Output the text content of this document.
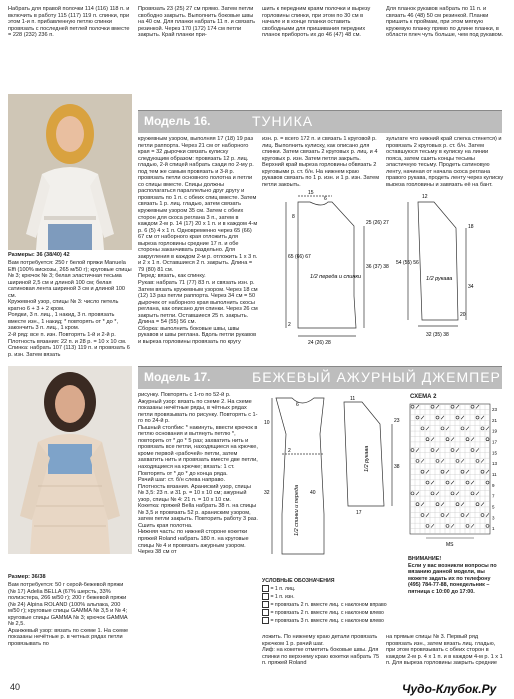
Набрать для правой полочки 114 (116) 118 п. и включить в работу 115 (117) 119 п. спинки, при этом 1-и п. прибавленную петлю спинки провязать с последней петлей полочки вместе = 228 (232) 236 п.
Провязать 23 (25) 27 см прямо. Затем петли свободно закрыть. Выполнить боковые швы на 40 см. Для планки набрать 11 п. и связать резинкой. Через 170 (172) 174 см петли закрыть. Край планки при-
шить к передним краям полочки и вырезу горловины спинки, при этом по 30 см в начале и в конце планки оставить свободными для пришивания передних планок прибороть их до 46 (47) 48 см.
Для планок рукавов набрать по 11 п. и связать 46 (48) 50 см резинкой. Планки пришить к проймам, при этом мягкую кружевую планку прямо по длине планки, в области плеч чуть больше, чем под рукавом.
Модель 16.	ТУНИКА
Размеры: 36 (38/40) 42
Вам потребуется: 250 г белой пряжи Manuela Effi (100% вискозы, 265 м/50 г); круговые спицы № 3; крючок № 3; белая эластичная тесьма шириной 2,5 см и длиной 100 см; белая сатиновая лента шириной 3 см и длиной 100 см.
Кружевной узор, спицы № 3: число петель кратно 6 + 3 + 2 кром.
Роядки, 3 п. лиц., 1 накид, 3 п. провязать вместе изн., 1 накид; * повторять от * до *, закончить 3 п. лиц., 1 кром.
2-й ряд: все п. изн. Повторять 1-й и 2-й р.
Плотность вязания: 22 п. и 28 р. = 10 х 10 см.
Спинка: набрать 107 (113) 119 п. и провязать 6 р. изн. Затем вязать
кружевным узором, выполняя 17 (18) 19 раз петли раппорта. Через 21 см от наборного края = 32 дырочки связать кулиску следующим образом: провязать 12 р. лиц. гладью, 2-й спицей набрать сзади по 2-му р. под тем же самым провязать и 3-й р. провязать петли основного полотна и петли со спицы вместе. Спицы должны располагаться параллельно друг другу и провязать по 1 п. с обеих спиц вместе. Затем связать 1 р. лиц. гладью, затем связать кружевным узором 35 см. Затем с обеих сторон для скоса реглана 3 п., затем в каждом 2-м р. 14 (17) 20 x 1 п. и в каждом 4-м р. 6 (5) 4 x 1 п. Одновременно через 65 (66) 67 см от наборного края отложить для выреза горловины средние 17 п. и обе стороны заканчивать раздельно. Для закругления в каждом 2-м р. отложить 1 x 3 п. и 2 x 1 п. Оставшиеся 2 п. закрыть. Длина = 79 (80) 81 см.
Перед: вязать, как спинку.
Рукав: набрать 71 (77) 83 п. и связать изн. р. Затем вязать кружевным узором. Через 18 см (12) 13 раз петли раппорта. Через 34 см = 50 дырочек от наборного края выполнить скосы реглана, как описано для спинки. Через 26 см закрыть петли. Оставшиеся 25 п. закрыть. Длина = 54 (55) 56 см.
Сборка: выполнить боковые швы, швы рукавов и швы реглана. Вдоль петли рукавов и выреза горловины провязать по кругу
изн. р. = всего 172 п. и связать 1 круговой р. лиц. Выполнить кулиску, как описано для спинки. Затем связать 2 круговых р. лиц. и 4 круговых р. изн. Затем петли закрыть. Верхний край выреза горловины обвязать 2 круговыми р. ст. б/н. На нижнем краю рукавов связать по 1 р. изн. и 1 р. изн. Затем петли закрыть.
зультате что нижний край слегка стянется) и провязать 2 круговых р. ст. б/н. Затем оставшуюся тесьму в кулиску на линии пояса, затем сшить концы тесьмы эластичную тесьму. Продеть сатиновую ленту, начиная от начала скоса реглана правого рукава, продеть ленту через кулиску выреза горловины и завязать её на бант.
15
6
8
65 (66) 67
36 (37) 38
25 (26) 27
2
24 (26) 28
1/2 переда и спинки	1/2 рукава
54 (55) 56
34
18
12
32 (35) 38
20
Модель 17.	БЕЖЕВЫЙ АЖУРНЫЙ ДЖЕМПЕР
Размер: 36/38
Вам потребуется: 50 г серой-бежевой пряжи (№ 17) Adelia BELLA (67% шерсть, 33% полиэстера, 266 м/50 г); 200 г бежевой пряжи (№ 24) Alpina ROLAND (100% альпака, 200 м/50 г); круговые спицы GAMMA № 3,5 и № 4; круговые спицы GAMMA № 3; крючок GAMMA № 2,5.
Аранжевый узор: вязать по схеме 1. На схеме показаны нечётные р. в четных рядах петли провязывать по
рисунку. Повторять с 1-го по 52-й р.
Ажурный узор: вязать по схеме 2. На схеме показаны нечётные ряды, в чётных рядах петли провязывать по рисунку. Повторять с 1-го по 24-й р.
Пышный столбик: * накинуть, ввести крючок в петлю основания и вытянуть петлю *, повторить от * до * 5 раз; захватить нить и провязать все петли, находящиеся на крючке, кроме первой «рабочей» петли, затем захватить нить и провязать вместе две петли, находящиеся на крючке; вязать: 1 ст. Повторять от * до * до конца ряда.
Рачий шаг: ст. б/н слева направо.
Плотность вязания. Араниский узор, спицы № 3,5: 23 п. и 31 р. = 10 х 10 см; ажурный узор, спицы № 4: 21 п. = 10 х 10 см.
Кокетка: пряжей Bella набрать 38 п. на спицы № 3,5 и провязать 52 р. араниским узором, затем петли закрыть. Повторить работу 3 раз. Сшить края полотна.
Нижняя часть: по нижней стороне кокетки пряжей Roland набрать 180 п. на круговые спицы № 4 и провязать ажурным узором. Через 38 см от
6
32	40
10
2
11
38
17
23
1/2 спинки и переда
1/2 рукава
УСЛОВНЫЕ ОБОЗНАЧЕНИЯ
= 1 п. лиц.
= 1 п. изн.
= провязать 2 п. вместе лиц. с наклоном вправо
= провязать 2 п. вместе лиц. с наклоном влево
= провязать 3 п. вместе лиц. с наклоном влево
ложить. По нижнему краю детали провязать крючком 1 р. рачий шаг.
Лиф: на кокетке отметить боковые швы. Для спинки по верхнему краю кокетки набрать 75 п. пряжей Roland
на прямые спицы № 3. Первый ряд провязать изн., затем вязать лиц. гладью, при этом провязывать с обеих сторон в каждом 2-м р. 4 x 1 п. и в каждом 4-м р. 1 x 1 п. Для выреза горловины закрыть средние
СХЕМА 2
23
21
19
17
15
13
11
9
7
5
3
1
MS
ВНИМАНИЕ!
Если у вас возникли вопросы по вязанию данной модели, вы можете задать их по телефону (495) 784-77-88, понедельник – пятница с 10:00 до 17:00.
40	Чудо-Клубок.Ру
